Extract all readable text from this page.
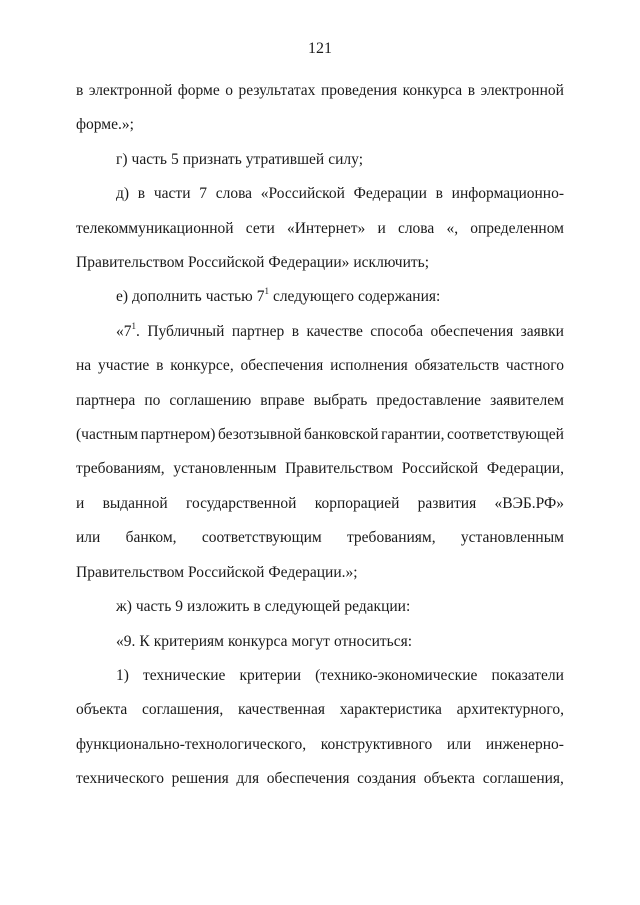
121
в электронной форме о результатах проведения конкурса в электронной
форме.»;
г) часть 5 признать утратившей силу;
д) в части 7 слова «Российской Федерации в информационно-
телекоммуникационной сети «Интернет» и слова «, определенном
Правительством Российской Федерации» исключить;
е) дополнить частью $7^1$ следующего содержания:
«$7^1$. Публичный партнер в качестве способа обеспечения заявки
на участие в конкурсе, обеспечения исполнения обязательств частного
партнера по соглашению вправе выбрать предоставление заявителем
(частным партнером) безотзывной банковской гарантии, соответствующей
требованиям, установленным Правительством Российской Федерации,
и выданной государственной корпорацией развития «ВЭБ.РФ»
или банком, соответствующим требованиям, установленным
Правительством Российской Федерации.»;
ж) часть 9 изложить в следующей редакции:
«9. К критериям конкурса могут относиться:
1) технические критерии (технико-экономические показатели
объекта соглашения, качественная характеристика архитектурного,
функционально-технологического, конструктивного или инженерно-
технического решения для обеспечения создания объекта соглашения,
